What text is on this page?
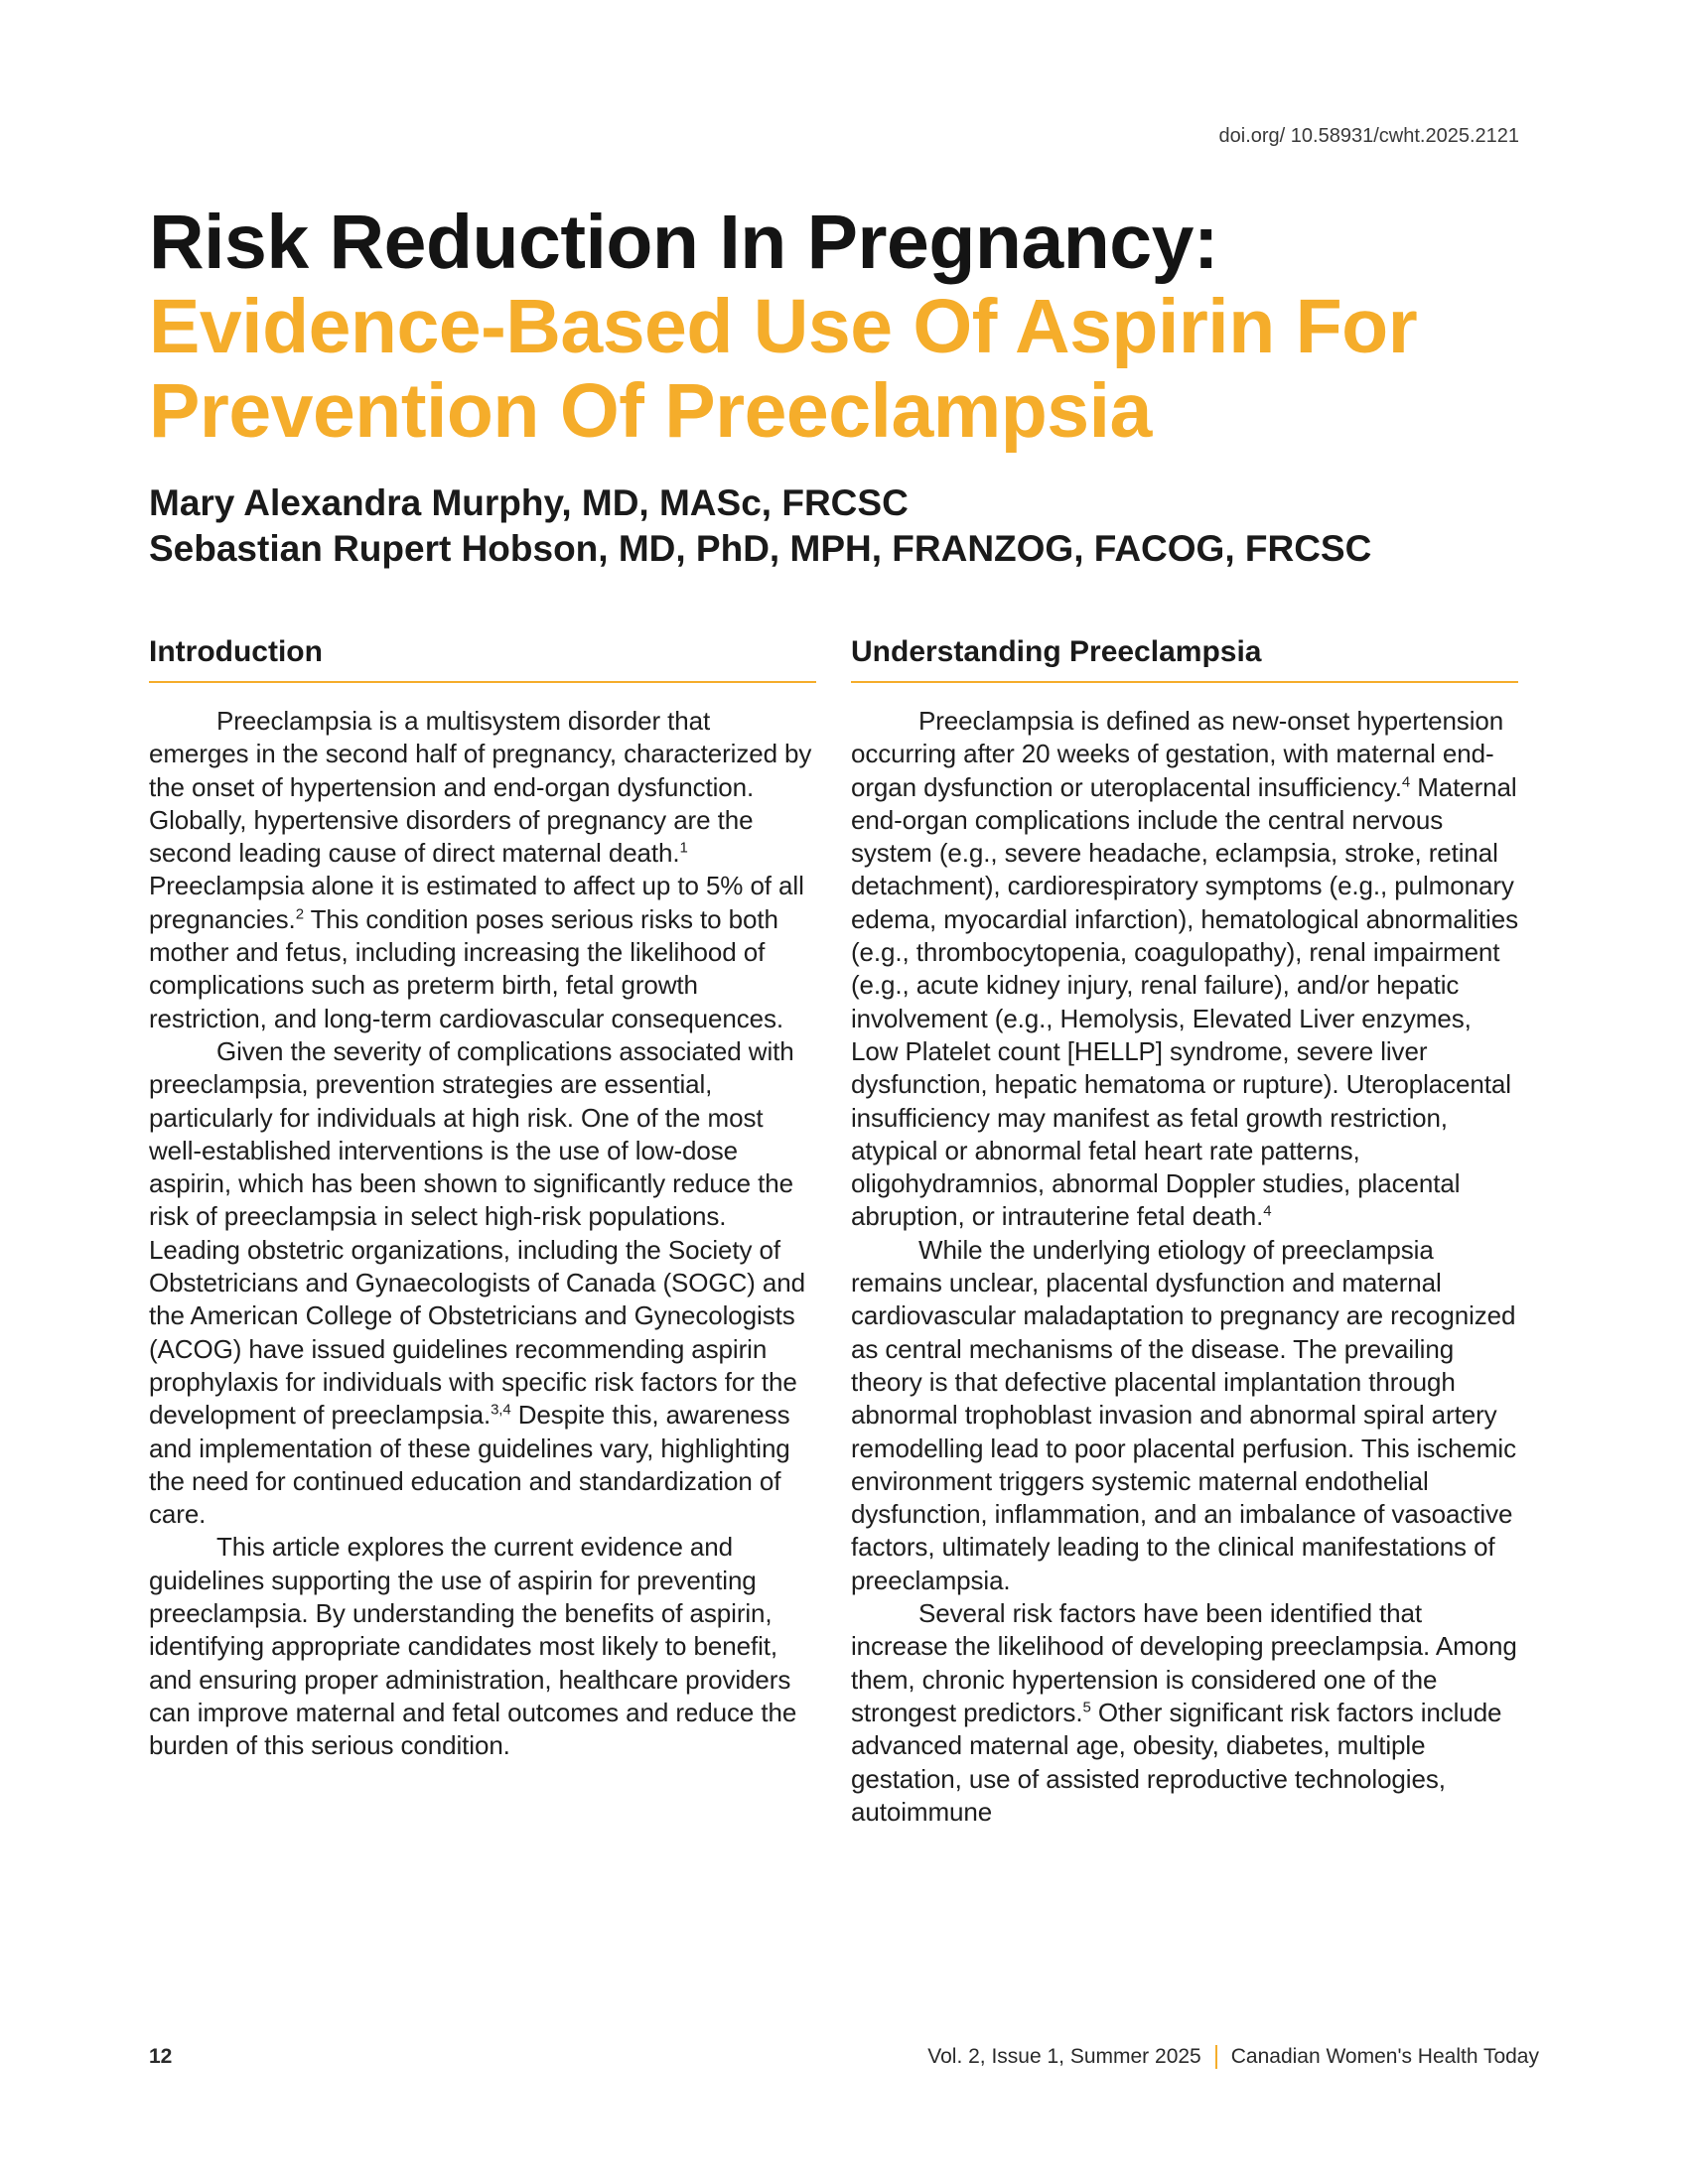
doi.org/ 10.58931/cwht.2025.2121
Risk Reduction In Pregnancy:
Evidence-Based Use Of Aspirin For
Prevention Of Preeclampsia
Mary Alexandra Murphy, MD, MASc, FRCSC
Sebastian Rupert Hobson, MD, PhD, MPH, FRANZOG, FACOG, FRCSC
Introduction

Preeclampsia is a multisystem disorder that emerges in the second half of pregnancy, characterized by the onset of hypertension and end-organ dysfunction. Globally, hypertensive disorders of pregnancy are the second leading cause of direct maternal death.$^1$ Preeclampsia alone it is estimated to affect up to 5% of all pregnancies.$^2$ This condition poses serious risks to both mother and fetus, including increasing the likelihood of complications such as preterm birth, fetal growth restriction, and long-term cardiovascular consequences.

Given the severity of complications associated with preeclampsia, prevention strategies are essential, particularly for individuals at high risk. One of the most well-established interventions is the use of low-dose aspirin, which has been shown to significantly reduce the risk of preeclampsia in select high-risk populations. Leading obstetric organizations, including the Society of Obstetricians and Gynaecologists of Canada (SOGC) and the American College of Obstetricians and Gynecologists (ACOG) have issued guidelines recommending aspirin prophylaxis for individuals with specific risk factors for the development of preeclampsia.$^{3,4}$ Despite this, awareness and implementation of these guidelines vary, highlighting the need for continued education and standardization of care.

This article explores the current evidence and guidelines supporting the use of aspirin for preventing preeclampsia. By understanding the benefits of aspirin, identifying appropriate candidates most likely to benefit, and ensuring proper administration, healthcare providers can improve maternal and fetal outcomes and reduce the burden of this serious condition.

Understanding Preeclampsia

Preeclampsia is defined as new-onset hypertension occurring after 20 weeks of gestation, with maternal end-organ dysfunction or uteroplacental insufficiency.$^4$ Maternal end-organ complications include the central nervous system (e.g., severe headache, eclampsia, stroke, retinal detachment), cardiorespiratory symptoms (e.g., pulmonary edema, myocardial infarction), hematological abnormalities (e.g., thrombocytopenia, coagulopathy), renal impairment (e.g., acute kidney injury, renal failure), and/or hepatic involvement (e.g., Hemolysis, Elevated Liver enzymes, Low Platelet count [HELLP] syndrome, severe liver dysfunction, hepatic hematoma or rupture). Uteroplacental insufficiency may manifest as fetal growth restriction, atypical or abnormal fetal heart rate patterns, oligohydramnios, abnormal Doppler studies, placental abruption, or intrauterine fetal death.$^4$

While the underlying etiology of preeclampsia remains unclear, placental dysfunction and maternal cardiovascular maladaptation to pregnancy are recognized as central mechanisms of the disease. The prevailing theory is that defective placental implantation through abnormal trophoblast invasion and abnormal spiral artery remodelling lead to poor placental perfusion. This ischemic environment triggers systemic maternal endothelial dysfunction, inflammation, and an imbalance of vasoactive factors, ultimately leading to the clinical manifestations of preeclampsia.

Several risk factors have been identified that increase the likelihood of developing preeclampsia. Among them, chronic hypertension is considered one of the strongest predictors.$^5$ Other significant risk factors include advanced maternal age, obesity, diabetes, multiple gestation, use of assisted reproductive technologies, autoimmune

12	Vol. 2, Issue 1, Summer 2025 Canadian Women's Health Today
